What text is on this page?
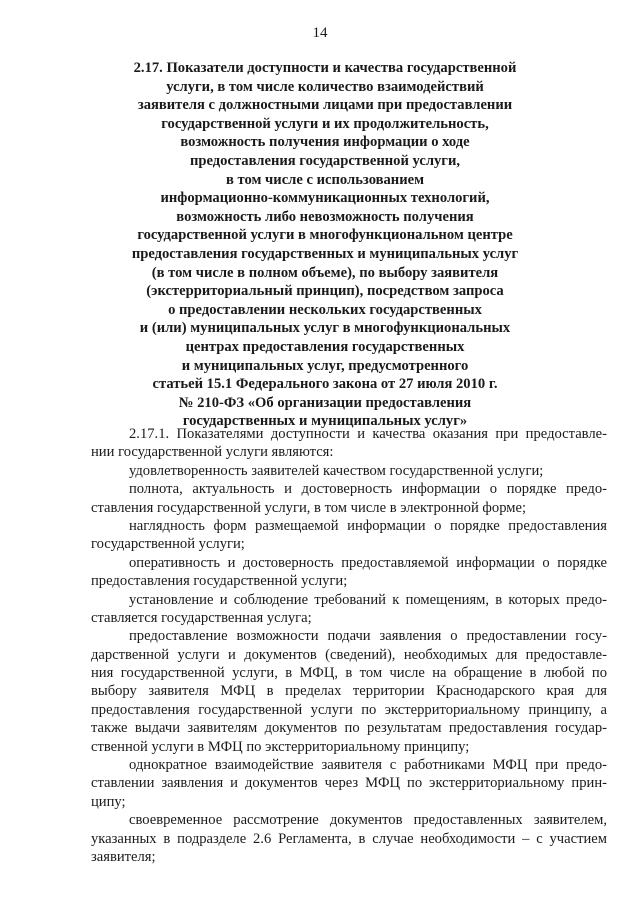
14
2.17. Показатели доступности и качества государственной
услуги, в том числе количество взаимодействий
заявителя с должностными лицами при предоставлении
государственной услуги и их продолжительность,
возможность получения информации о ходе
предоставления государственной услуги,
в том числе с использованием
информационно-коммуникационных технологий,
возможность либо невозможность получения
государственной услуги в многофункциональном центре
предоставления государственных и муниципальных услуг
(в том числе в полном объеме), по выбору заявителя
(экстерриториальный принцип), посредством запроса
о предоставлении нескольких государственных
и (или) муниципальных услуг в многофункциональных
центрах предоставления государственных
и муниципальных услуг, предусмотренного
статьей 15.1 Федерального закона от 27 июля 2010 г.
№ 210-ФЗ «Об организации предоставления
государственных и муниципальных услуг»
2.17.1. Показателями доступности и качества оказания при предоставле-
нии государственной услуги являются:
удовлетворенность заявителей качеством государственной услуги;
полнота, актуальность и достоверность информации о порядке предо-
ставления государственной услуги, в том числе в электронной форме;
наглядность форм размещаемой информации о порядке предоставления
государственной услуги;
оперативность и достоверность предоставляемой информации о порядке
предоставления государственной услуги;
установление и соблюдение требований к помещениям, в которых предо-
ставляется государственная услуга;
предоставление возможности подачи заявления о предоставлении госу-
дарственной услуги и документов (сведений), необходимых для предоставле-
ния государственной услуги, в МФЦ, в том числе на обращение в любой по
выбору заявителя МФЦ в пределах территории Краснодарского края для
предоставления государственной услуги по экстерриториальному принципу, а
также выдачи заявителям документов по результатам предоставления государ-
ственной услуги в МФЦ по экстерриториальному принципу;
однократное взаимодействие заявителя с работниками МФЦ при предо-
ставлении заявления и документов через МФЦ по экстерриториальному прин-
ципу;
своевременное рассмотрение документов предоставленных заявителем,
указанных в подразделе 2.6 Регламента, в случае необходимости – с участием
заявителя;
